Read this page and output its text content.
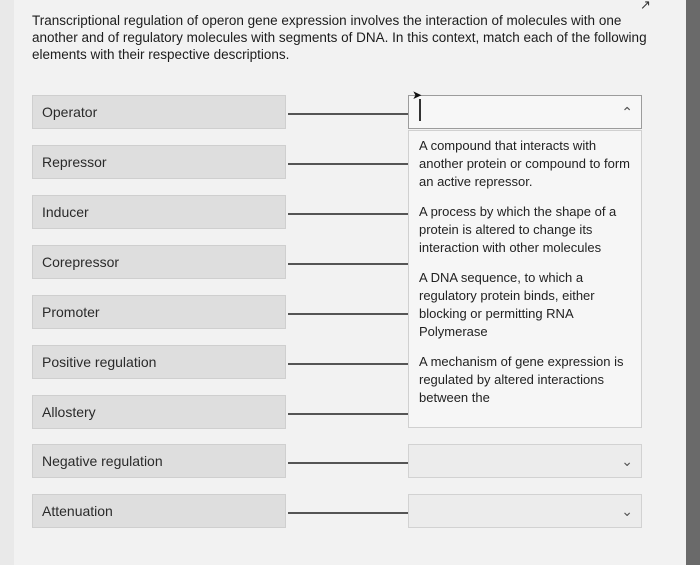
Transcriptional regulation of operon gene expression involves the interaction of molecules with one another and of regulatory molecules with segments of DNA. In this context, match each of the following elements with their respective descriptions.

Operator
Repressor
Inducer
Corepressor
Promoter
Positive regulation
Allostery
Negative regulation
Attenuation
⌃
⌄
⌄
A compound that interacts with another protein or compound to form an active repressor.
A process by which the shape of a protein is altered to change its interaction with other molecules
A DNA sequence, to which a regulatory protein binds, either blocking or permitting RNA Polymerase
A mechanism of gene expression is regulated by altered interactions between the
➤
↗
